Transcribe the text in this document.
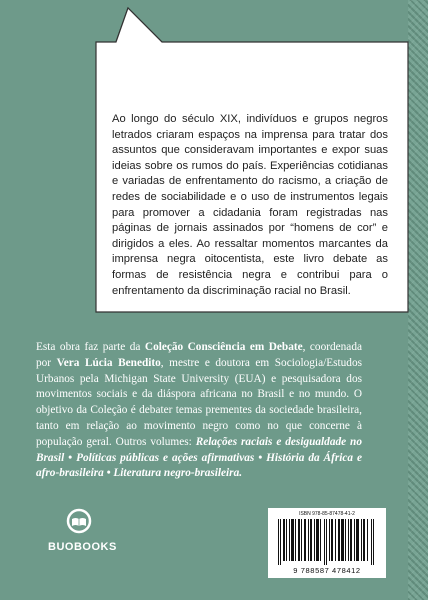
Ao longo do século XIX, indivíduos e grupos negros letrados criaram espaços na imprensa para tratar dos assuntos que consideravam importantes e expor suas ideias sobre os rumos do país. Experiências cotidianas e variadas de enfrentamento do racismo, a criação de redes de sociabilidade e o uso de instrumentos legais para promover a cidadania foram registradas nas páginas de jornais assinados por “homens de cor” e dirigidos a eles. Ao ressaltar momentos marcantes da imprensa negra oitocentista, este livro debate as formas de resistência negra e contribui para o enfrentamento da discriminação racial no Brasil.

Esta obra faz parte da Coleção Consciência em Debate, coordenada por Vera Lúcia Benedito, mestre e doutora em Sociologia/Estudos Urbanos pela Michigan State University (EUA) e pesquisadora dos movimentos sociais e da diáspora africana no Brasil e no mundo. O objetivo da Coleção é debater temas prementes da sociedade brasileira, tanto em relação ao movimento negro como no que concerne à população geral. Outros volumes: Relações raciais e desigualdade no Brasil • Políticas públicas e ações afirmativas • História da África e afro-brasileira • Literatura negro-brasileira.

BUOBOOKS
ISBN 978-85-87478-41-2
9 788587 478412
